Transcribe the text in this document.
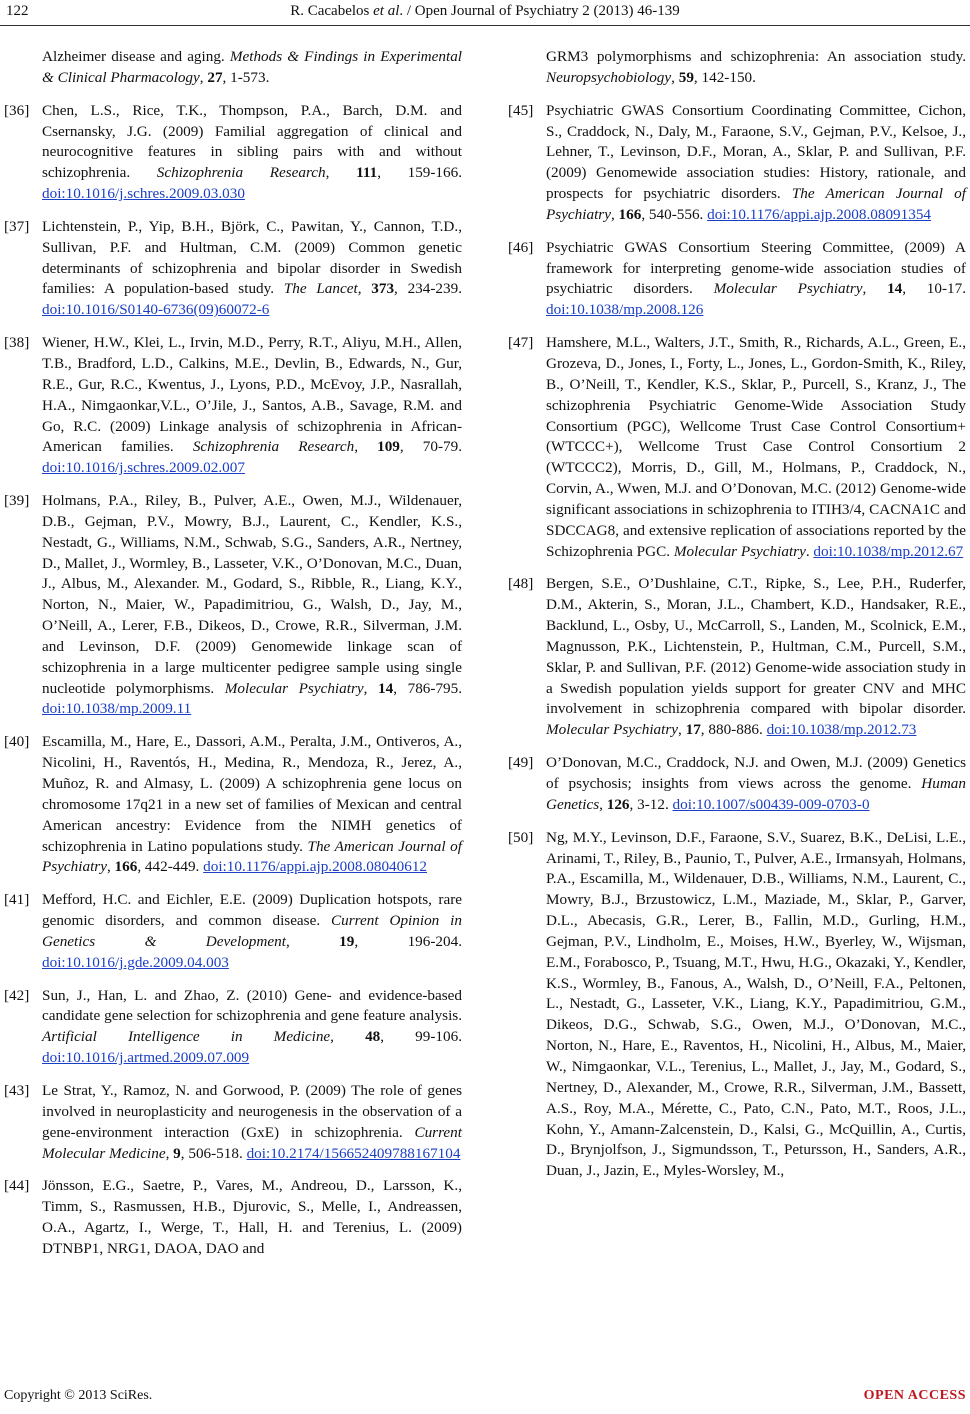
122	R. Cacabelos et al. / Open Journal of Psychiatry 2 (2013) 46-139
Alzheimer disease and aging. Methods & Findings in Experimental & Clinical Pharmacology, 27, 1-573.
[36] Chen, L.S., Rice, T.K., Thompson, P.A., Barch, D.M. and Csernansky, J.G. (2009) Familial aggregation of clinical and neurocognitive features in sibling pairs with and without schizophrenia. Schizophrenia Research, 111, 159-166. doi:10.1016/j.schres.2009.03.030
[37] Lichtenstein, P., Yip, B.H., Björk, C., Pawitan, Y., Cannon, T.D., Sullivan, P.F. and Hultman, C.M. (2009) Common genetic determinants of schizophrenia and bipolar disorder in Swedish families: A population-based study. The Lancet, 373, 234-239. doi:10.1016/S0140-6736(09)60072-6
[38] Wiener, H.W., Klei, L., Irvin, M.D., Perry, R.T., Aliyu, M.H., Allen, T.B., Bradford, L.D., Calkins, M.E., Devlin, B., Edwards, N., Gur, R.E., Gur, R.C., Kwentus, J., Lyons, P.D., McEvoy, J.P., Nasrallah, H.A., Nimgaonkar,V.L., O’Jile, J., Santos, A.B., Savage, R.M. and Go, R.C. (2009) Linkage analysis of schizophrenia in African-American families. Schizophrenia Research, 109, 70-79. doi:10.1016/j.schres.2009.02.007
[39] Holmans, P.A., Riley, B., Pulver, A.E., Owen, M.J., Wildenauer, D.B., Gejman, P.V., Mowry, B.J., Laurent, C., Kendler, K.S., Nestadt, G., Williams, N.M., Schwab, S.G., Sanders, A.R., Nertney, D., Mallet, J., Wormley, B., Lasseter, V.K., O’Donovan, M.C., Duan, J., Albus, M., Alexander. M., Godard, S., Ribble, R., Liang, K.Y., Norton, N., Maier, W., Papadimitriou, G., Walsh, D., Jay, M., O’Neill, A., Lerer, F.B., Dikeos, D., Crowe, R.R., Silverman, J.M. and Levinson, D.F. (2009) Genomewide linkage scan of schizophrenia in a large multicenter pedigree sample using single nucleotide polymorphisms. Molecular Psychiatry, 14, 786-795. doi:10.1038/mp.2009.11
[40] Escamilla, M., Hare, E., Dassori, A.M., Peralta, J.M., Ontiveros, A., Nicolini, H., Raventós, H., Medina, R., Mendoza, R., Jerez, A., Muñoz, R. and Almasy, L. (2009) A schizophrenia gene locus on chromosome 17q21 in a new set of families of Mexican and central American ancestry: Evidence from the NIMH genetics of schizophrenia in Latino populations study. The American Journal of Psychiatry, 166, 442-449. doi:10.1176/appi.ajp.2008.08040612
[41] Mefford, H.C. and Eichler, E.E. (2009) Duplication hotspots, rare genomic disorders, and common disease. Current Opinion in Genetics & Development, 19, 196-204. doi:10.1016/j.gde.2009.04.003
[42] Sun, J., Han, L. and Zhao, Z. (2010) Gene- and evidence-based candidate gene selection for schizophrenia and gene feature analysis. Artificial Intelligence in Medicine, 48, 99-106. doi:10.1016/j.artmed.2009.07.009
[43] Le Strat, Y., Ramoz, N. and Gorwood, P. (2009) The role of genes involved in neuroplasticity and neurogenesis in the observation of a gene-environment interaction (GxE) in schizophrenia. Current Molecular Medicine, 9, 506-518. doi:10.2174/156652409788167104
[44] Jönsson, E.G., Saetre, P., Vares, M., Andreou, D., Larsson, K., Timm, S., Rasmussen, H.B., Djurovic, S., Melle, I., Andreassen, O.A., Agartz, I., Werge, T., Hall, H. and Terenius, L. (2009) DTNBP1, NRG1, DAOA, DAO and
GRM3 polymorphisms and schizophrenia: An association study. Neuropsychobiology, 59, 142-150.
[45] Psychiatric GWAS Consortium Coordinating Committee, Cichon, S., Craddock, N., Daly, M., Faraone, S.V., Gejman, P.V., Kelsoe, J., Lehner, T., Levinson, D.F., Moran, A., Sklar, P. and Sullivan, P.F. (2009) Genomewide association studies: History, rationale, and prospects for psychiatric disorders. The American Journal of Psychiatry, 166, 540-556. doi:10.1176/appi.ajp.2008.08091354
[46] Psychiatric GWAS Consortium Steering Committee, (2009) A framework for interpreting genome-wide association studies of psychiatric disorders. Molecular Psychiatry, 14, 10-17. doi:10.1038/mp.2008.126
[47] Hamshere, M.L., Walters, J.T., Smith, R., Richards, A.L., Green, E., Grozeva, D., Jones, I., Forty, L., Jones, L., Gordon-Smith, K., Riley, B., O’Neill, T., Kendler, K.S., Sklar, P., Purcell, S., Kranz, J., The schizophrenia Psychiatric Genome-Wide Association Study Consortium (PGC), Wellcome Trust Case Control Consortium+ (WTCCC+), Wellcome Trust Case Control Consortium 2 (WTCCC2), Morris, D., Gill, M., Holmans, P., Craddock, N., Corvin, A., Wwen, M.J. and O’Donovan, M.C. (2012) Genome-wide significant associations in schizophrenia to ITIH3/4, CACNA1C and SDCCAG8, and extensive replication of associations reported by the Schizophrenia PGC. Molecular Psychiatry. doi:10.1038/mp.2012.67
[48] Bergen, S.E., O’Dushlaine, C.T., Ripke, S., Lee, P.H., Ruderfer, D.M., Akterin, S., Moran, J.L., Chambert, K.D., Handsaker, R.E., Backlund, L., Osby, U., McCarroll, S., Landen, M., Scolnick, E.M., Magnusson, P.K., Lichtenstein, P., Hultman, C.M., Purcell, S.M., Sklar, P. and Sullivan, P.F. (2012) Genome-wide association study in a Swedish population yields support for greater CNV and MHC involvement in schizophrenia compared with bipolar disorder. Molecular Psychiatry, 17, 880-886. doi:10.1038/mp.2012.73
[49] O’Donovan, M.C., Craddock, N.J. and Owen, M.J. (2009) Genetics of psychosis; insights from views across the genome. Human Genetics, 126, 3-12. doi:10.1007/s00439-009-0703-0
[50] Ng, M.Y., Levinson, D.F., Faraone, S.V., Suarez, B.K., DeLisi, L.E., Arinami, T., Riley, B., Paunio, T., Pulver, A.E., Irmansyah, Holmans, P.A., Escamilla, M., Wildenauer, D.B., Williams, N.M., Laurent, C., Mowry, B.J., Brzustowicz, L.M., Maziade, M., Sklar, P., Garver, D.L., Abecasis, G.R., Lerer, B., Fallin, M.D., Gurling, H.M., Gejman, P.V., Lindholm, E., Moises, H.W., Byerley, W., Wijsman, E.M., Forabosco, P., Tsuang, M.T., Hwu, H.G., Okazaki, Y., Kendler, K.S., Wormley, B., Fanous, A., Walsh, D., O’Neill, F.A., Peltonen, L., Nestadt, G., Lasseter, V.K., Liang, K.Y., Papadimitriou, G.M., Dikeos, D.G., Schwab, S.G., Owen, M.J., O’Donovan, M.C., Norton, N., Hare, E., Raventos, H., Nicolini, H., Albus, M., Maier, W., Nimgaonkar, V.L., Terenius, L., Mallet, J., Jay, M., Godard, S., Nertney, D., Alexander, M., Crowe, R.R., Silverman, J.M., Bassett, A.S., Roy, M.A., Mérette, C., Pato, C.N., Pato, M.T., Roos, J.L., Kohn, Y., Amann-Zalcenstein, D., Kalsi, G., McQuillin, A., Curtis, D., Brynjolfson, J., Sigmundsson, T., Petursson, H., Sanders, A.R., Duan, J., Jazin, E., Myles-Worsley, M.,
Copyright © 2013 SciRes.	OPEN ACCESS
